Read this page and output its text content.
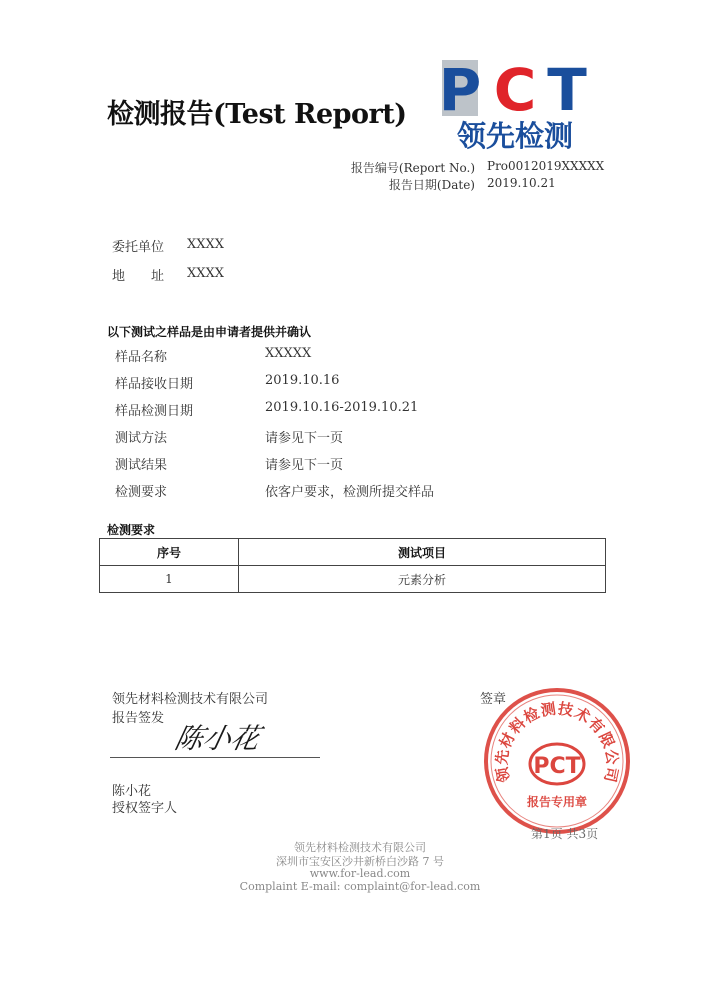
检测报告(Test Report) P C T
领先检测
报告编号(Report No.) Pro0012019XXXXX
报告日期(Date) 2019.10.21
委托单位 XXXX
地　　址 XXXX
以下测试之样品是由申请者提供并确认
样品名称	XXXXX
样品接收日期	2019.10.16
样品检测日期	2019.10.16-2019.10.21
测试方法	请参见下一页
测试结果	请参见下一页
检测要求	依客户要求，检测所提交样品
检测要求
序号	测试项目
1	元素分析
领先材料检测技术有限公司
报告签发
陈小花
陈小花
授权签字人
签章
领先材料检测技术有限公司
PCT
报告专用章
第1页 共3页
领先材料检测技术有限公司
深圳市宝安区沙井新桥白沙路 7 号
www.for-lead.com
Complaint E-mail: complaint@for-lead.com
